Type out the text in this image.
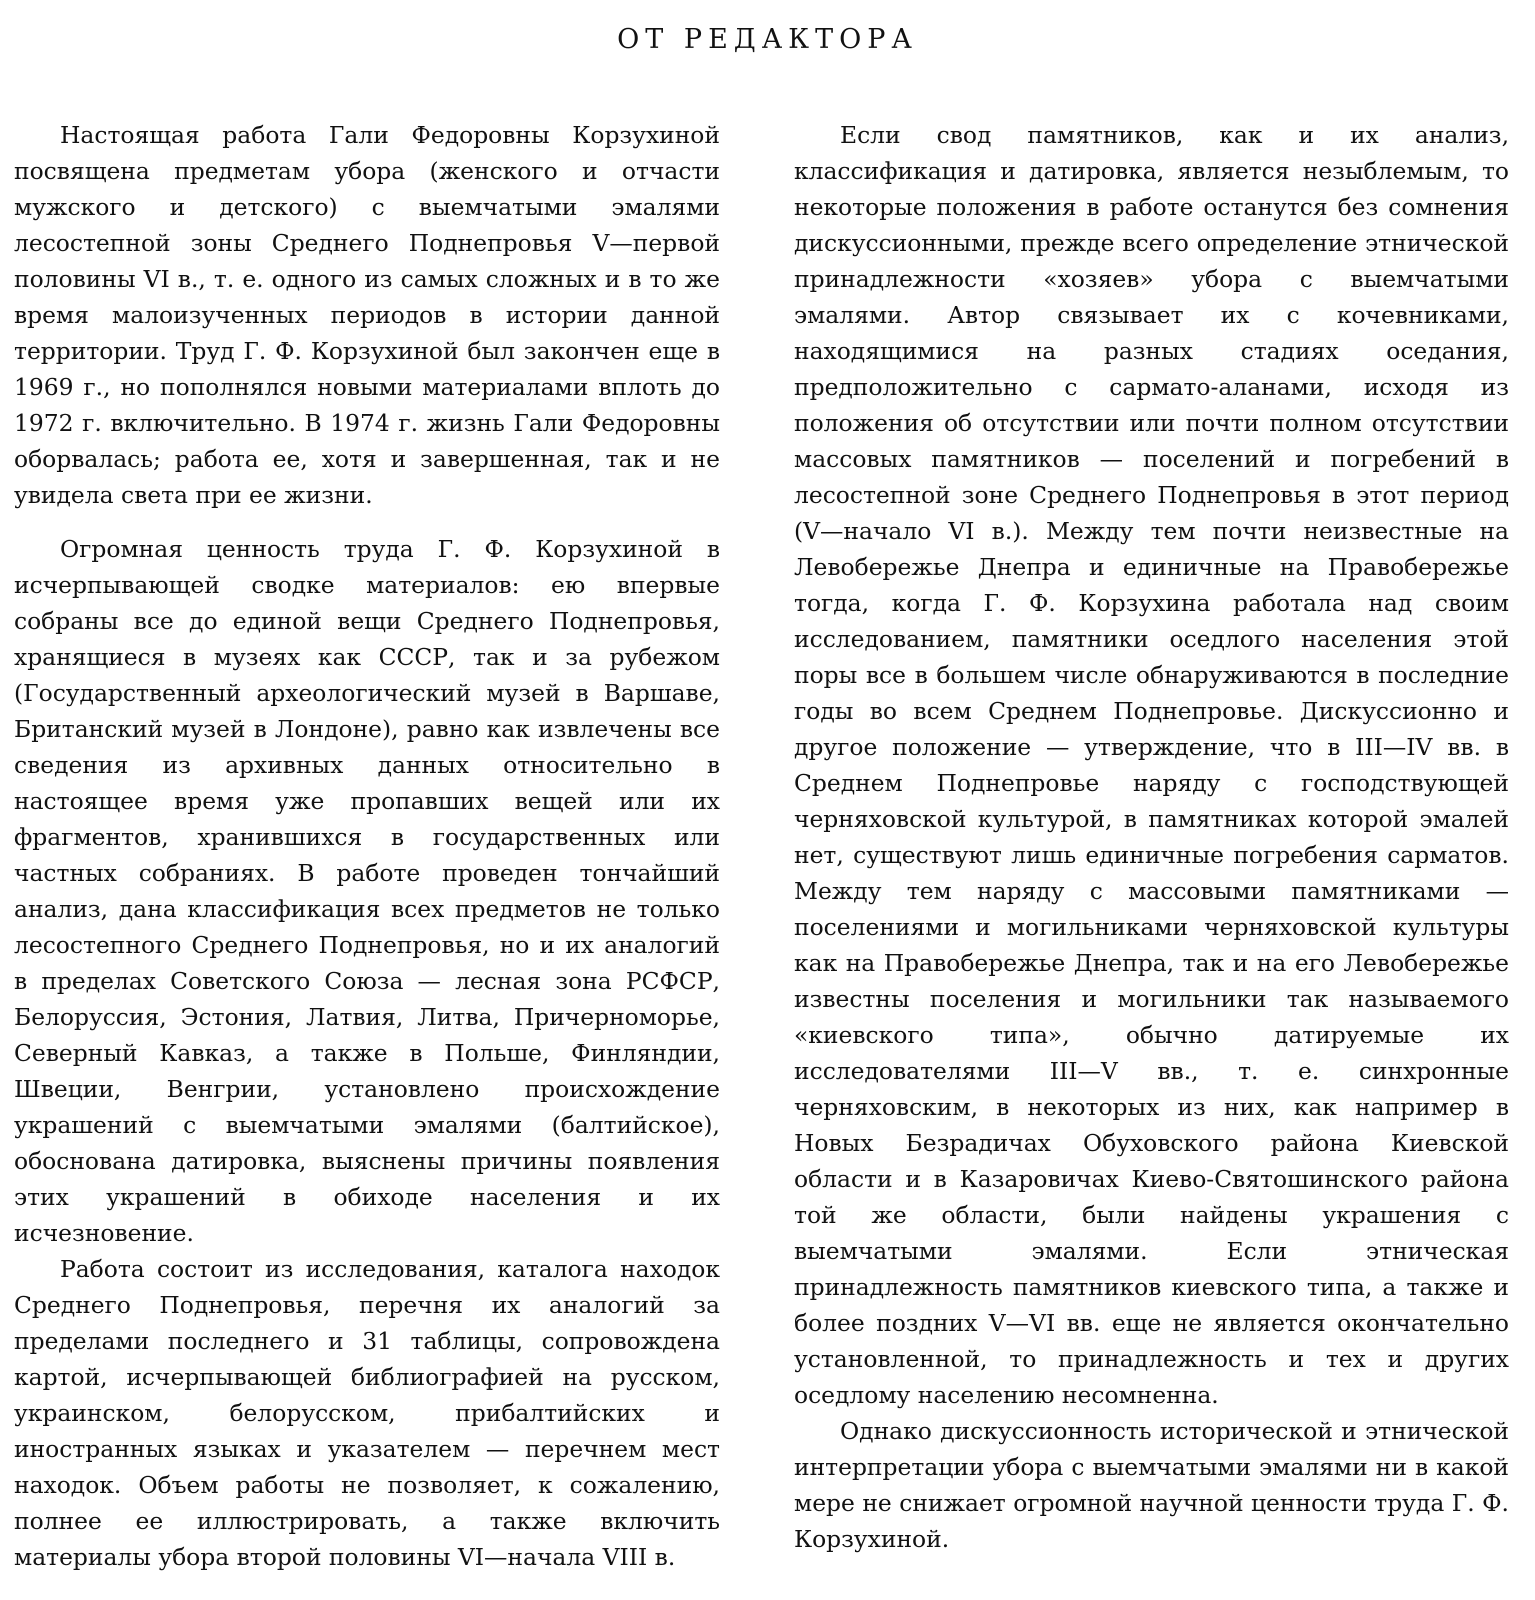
ОТ РЕДАКТОРА

Настоящая работа Гали Федоровны Корзухиной посвящена предметам убора (женского и отчасти мужского и детского) с выемчатыми эмалями лесостепной зоны Среднего Поднепровья V—первой половины VI в., т. е. одного из самых сложных и в то же время малоизученных периодов в истории данной территории. Труд Г. Ф. Корзухиной был закончен еще в 1969 г., но пополнялся новыми материалами вплоть до 1972 г. включительно. В 1974 г. жизнь Гали Федоровны оборвалась; работа ее, хотя и завершенная, так и не увидела света при ее жизни.

Огромная ценность труда Г. Ф. Корзухиной в исчерпывающей сводке материалов: ею впервые собраны все до единой вещи Среднего Поднепровья, хранящиеся в музеях как СССР, так и за рубежом (Государственный археологический музей в Варшаве, Британский музей в Лондоне), равно как извлечены все сведения из архивных данных относительно в настоящее время уже пропавших вещей или их фрагментов, хранившихся в государственных или частных собраниях. В работе проведен тончайший анализ, дана классификация всех предметов не только лесостепного Среднего Поднепровья, но и их аналогий в пределах Советского Союза — лесная зона РСФСР, Белоруссия, Эстония, Латвия, Литва, Причерноморье, Северный Кавказ, а также в Польше, Финляндии, Швеции, Венгрии, установлено происхождение украшений с выемчатыми эмалями (балтийское), обоснована датировка, выяснены причины появления этих украшений в обиходе населения и их исчезновение.

Работа состоит из исследования, каталога находок Среднего Поднепровья, перечня их аналогий за пределами последнего и 31 таблицы, сопровождена картой, исчерпывающей библиографией на русском, украинском, белорусском, прибалтийских и иностранных языках и указателем — перечнем мест находок. Объем работы не позволяет, к сожалению, полнее ее иллюстрировать, а также включить материалы убора второй половины VI—начала VIII в.

Если свод памятников, как и их анализ, классификация и датировка, является незыблемым, то некоторые положения в работе останутся без сомнения дискуссионными, прежде всего определение этнической принадлежности «хозяев» убора с выемчатыми эмалями. Автор связывает их с кочевниками, находящимися на разных стадиях оседания, предположительно с сармато-аланами, исходя из положения об отсутствии или почти полном отсутствии массовых памятников — поселений и погребений в лесостепной зоне Среднего Поднепровья в этот период (V—начало VI в.). Между тем почти неизвестные на Левобережье Днепра и единичные на Правобережье тогда, когда Г. Ф. Корзухина работала над своим исследованием, памятники оседлого населения этой поры все в большем числе обнаруживаются в последние годы во всем Среднем Поднепровье. Дискуссионно и другое положение — утверждение, что в III—IV вв. в Среднем Поднепровье наряду с господствующей черняховской культурой, в памятниках которой эмалей нет, существуют лишь единичные погребения сарматов. Между тем наряду с массовыми памятниками — поселениями и могильниками черняховской культуры как на Правобережье Днепра, так и на его Левобережье известны поселения и могильники так называемого «киевского типа», обычно датируемые их исследователями III—V вв., т. е. синхронные черняховским, в некоторых из них, как например в Новых Безрадичах Обуховского района Киевской области и в Казаровичах Киево-Святошинского района той же области, были найдены украшения с выемчатыми эмалями. Если этническая принадлежность памятников киевского типа, а также и более поздних V—VI вв. еще не является окончательно установленной, то принадлежность и тех и других оседлому населению несомненна.

Однако дискуссионность исторической и этнической интерпретации убора с выемчатыми эмалями ни в какой мере не снижает огромной научной ценности труда Г. Ф. Корзухиной.
